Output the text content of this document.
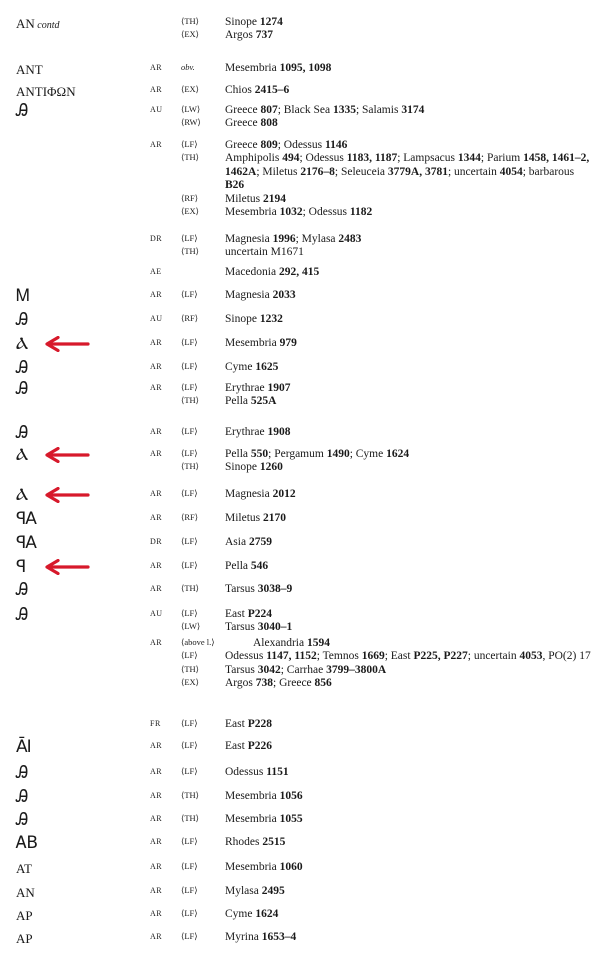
AN contd	⟨TH⟩ Sinope 1274
⟨EX⟩ Argos 737
ANT	AR obv.	Mesembria 1095, 1098
ANTIΦΩN	AR ⟨EX⟩ Chios 2415–6
Ꭿ	AU ⟨LW⟩ Greece 807; Black Sea 1335; Salamis 3174
⟨RW⟩ Greece 808
AR ⟨LF⟩ Greece 809; Odessus 1146
⟨TH⟩ Amphipolis 494; Odessus 1183, 1187; Lampsacus 1344; Parium 1458, 1461–2, 1462A; Miletus 2176–8; Seleuceia 3779A, 3781; uncertain 4054; barbarous B26
⟨RF⟩ Miletus 2194
⟨EX⟩ Mesembria 1032; Odessus 1182
DR ⟨LF⟩ Magnesia 1996; Mylasa 2483
⟨TH⟩ uncertain M1671
AE	Macedonia 292, 415
Ꮇ	AR ⟨LF⟩ Magnesia 2033
Ꭿ	AU ⟨RF⟩ Sinope 1232
Ⲁ	AR ⟨LF⟩ Mesembria 979
Ꭿ	AR ⟨LF⟩ Cyme 1625
Ꭿ	AR ⟨LF⟩ Erythrae 1907
⟨TH⟩ Pella 525A
Ꭿ	AR ⟨LF⟩ Erythrae 1908
Ⲁ	AR ⟨LF⟩ Pella 550; Pergamum 1490; Cyme 1624
⟨TH⟩ Sinope 1260
Ⲁ	AR ⟨LF⟩ Magnesia 2012
ꟼA	AR ⟨RF⟩ Miletus 2170
ꟼA	DR ⟨LF⟩ Asia 2759
ꟼ	AR ⟨LF⟩ Pella 546
Ꭿ	AR ⟨TH⟩ Tarsus 3038–9
Ꭿ	AU ⟨LF⟩ East P224
⟨LW⟩ Tarsus 3040–1
AR ⟨above l.⟩	Alexandria 1594
⟨LF⟩ Odessus 1147, 1152; Temnos 1669; East P225, P227; uncertain 4053, PO(2) 17
⟨TH⟩ Tarsus 3042; Carrhae 3799–3800A
⟨EX⟩ Argos 738; Greece 856
FR ⟨LF⟩ East P228
ĀI	AR ⟨LF⟩ East P226
Ꭿ	AR ⟨LF⟩ Odessus 1151
Ꭿ	AR ⟨TH⟩ Mesembria 1056
Ꭿ	AR ⟨TH⟩ Mesembria 1055
ᎪB	AR ⟨LF⟩ Rhodes 2515
AT	AR ⟨LF⟩ Mesembria 1060
AN	AR ⟨LF⟩ Mylasa 2495
AP	AR ⟨LF⟩ Cyme 1624
AP	AR ⟨LF⟩ Myrina 1653–4
